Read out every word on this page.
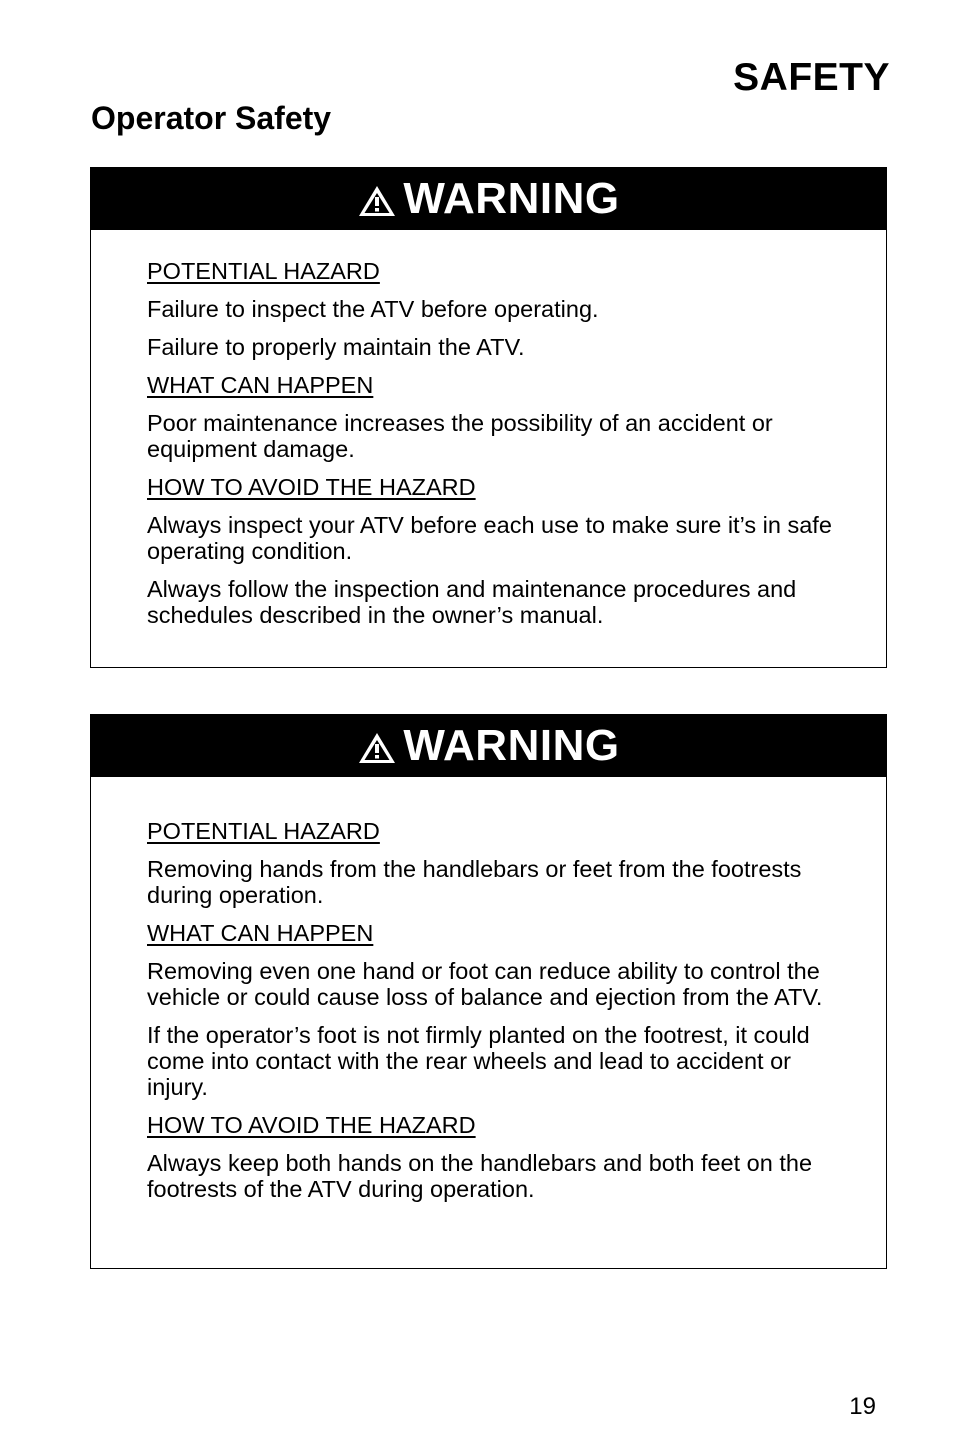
SAFETY
Operator Safety
WARNING

POTENTIAL HAZARD

Failure to inspect the ATV before operating.

Failure to properly maintain the ATV.

WHAT CAN HAPPEN

Poor maintenance increases the possibility of an accident or equipment damage.

HOW TO AVOID THE HAZARD

Always inspect your ATV before each use to make sure it’s in safe operating condition.

Always follow the inspection and maintenance procedures and schedules described in the owner’s manual.

WARNING

POTENTIAL HAZARD

Removing hands from the handlebars or feet from the footrests during operation.

WHAT CAN HAPPEN

Removing even one hand or foot can reduce ability to control the vehicle or could cause loss of balance and ejection from the ATV.

If the operator’s foot is not firmly planted on the footrest, it could come into contact with the rear wheels and lead to accident or injury.

HOW TO AVOID THE HAZARD

Always keep both hands on the handlebars and both feet on the footrests of the ATV during operation.

19
